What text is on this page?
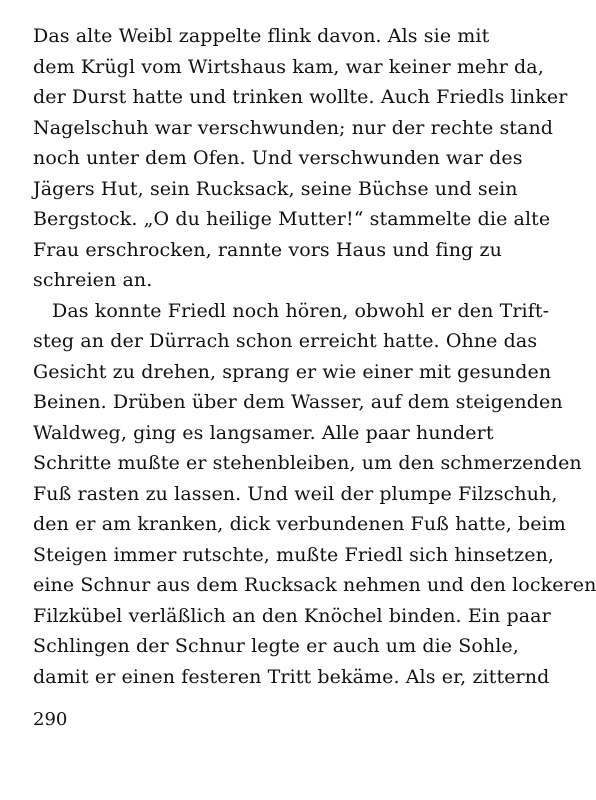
Das alte Weibl zappelte flink davon. Als sie mit
dem Krügl vom Wirtshaus kam, war keiner mehr da,
der Durst hatte und trinken wollte. Auch Friedls linker
Nagelschuh war verschwunden; nur der rechte stand
noch unter dem Ofen. Und verschwunden war des
Jägers Hut, sein Rucksack, seine Büchse und sein
Bergstock. „O du heilige Mutter!“ stammelte die alte
Frau erschrocken, rannte vors Haus und fing zu
schreien an.
Das konnte Friedl noch hören, obwohl er den Trift-
steg an der Dürrach schon erreicht hatte. Ohne das
Gesicht zu drehen, sprang er wie einer mit gesunden
Beinen. Drüben über dem Wasser, auf dem steigenden
Waldweg, ging es langsamer. Alle paar hundert
Schritte mußte er stehenbleiben, um den schmerzenden
Fuß rasten zu lassen. Und weil der plumpe Filzschuh,
den er am kranken, dick verbundenen Fuß hatte, beim
Steigen immer rutschte, mußte Friedl sich hinsetzen,
eine Schnur aus dem Rucksack nehmen und den lockeren
Filzkübel verläßlich an den Knöchel binden. Ein paar
Schlingen der Schnur legte er auch um die Sohle,
damit er einen festeren Tritt bekäme. Als er, zitternd
290
